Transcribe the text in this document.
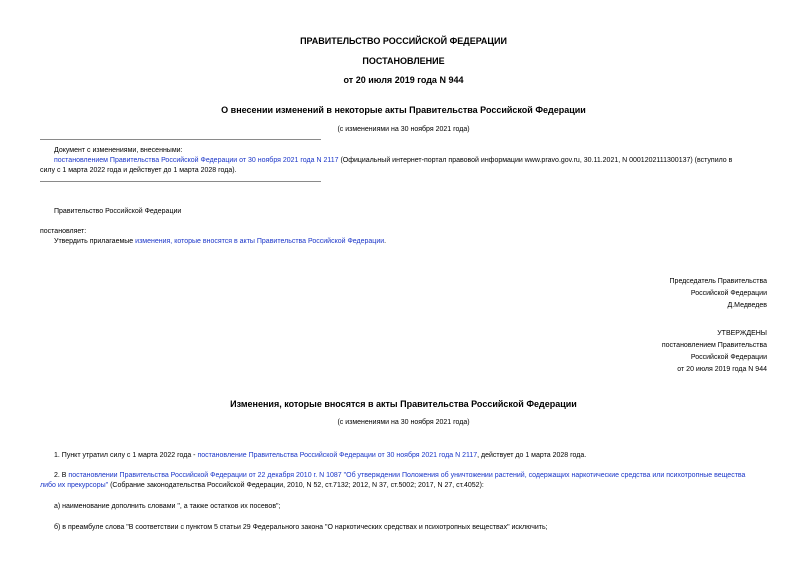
ПРАВИТЕЛЬСТВО РОССИЙСКОЙ ФЕДЕРАЦИИ
ПОСТАНОВЛЕНИЕ
от 20 июля 2019 года N 944
О внесении изменений в некоторые акты Правительства Российской Федерации
(с изменениями на 30 ноября 2021 года)
Документ с изменениями, внесенными:
постановлением Правительства Российской Федерации от 30 ноября 2021 года N 2117 (Официальный интернет-портал правовой информации www.pravo.gov.ru, 30.11.2021, N 0001202111300137) (вступило в
силу с 1 марта 2022 года и действует до 1 марта 2028 года).
Правительство Российской Федерации
постановляет:
Утвердить прилагаемые изменения, которые вносятся в акты Правительства Российской Федерации.
Председатель Правительства
Российской Федерации
Д.Медведев
УТВЕРЖДЕНЫ
постановлением Правительства
Российской Федерации
от 20 июля 2019 года N 944
Изменения, которые вносятся в акты Правительства Российской Федерации
(с изменениями на 30 ноября 2021 года)
1. Пункт утратил силу с 1 марта 2022 года - постановление Правительства Российской Федерации от 30 ноября 2021 года N 2117, действует до 1 марта 2028 года.
2. В постановлении Правительства Российской Федерации от 22 декабря 2010 г. N 1087 "Об утверждении Положения об уничтожении растений, содержащих наркотические средства или психотропные вещества
либо их прекурсоры" (Собрание законодательства Российской Федерации, 2010, N 52, ст.7132; 2012, N 37, ст.5002; 2017, N 27, ст.4052):
а) наименование дополнить словами ", а также остатков их посевов";
б) в преамбуле слова "В соответствии с пунктом 5 статьи 29 Федерального закона "О наркотических средствах и психотропных веществах" исключить;
